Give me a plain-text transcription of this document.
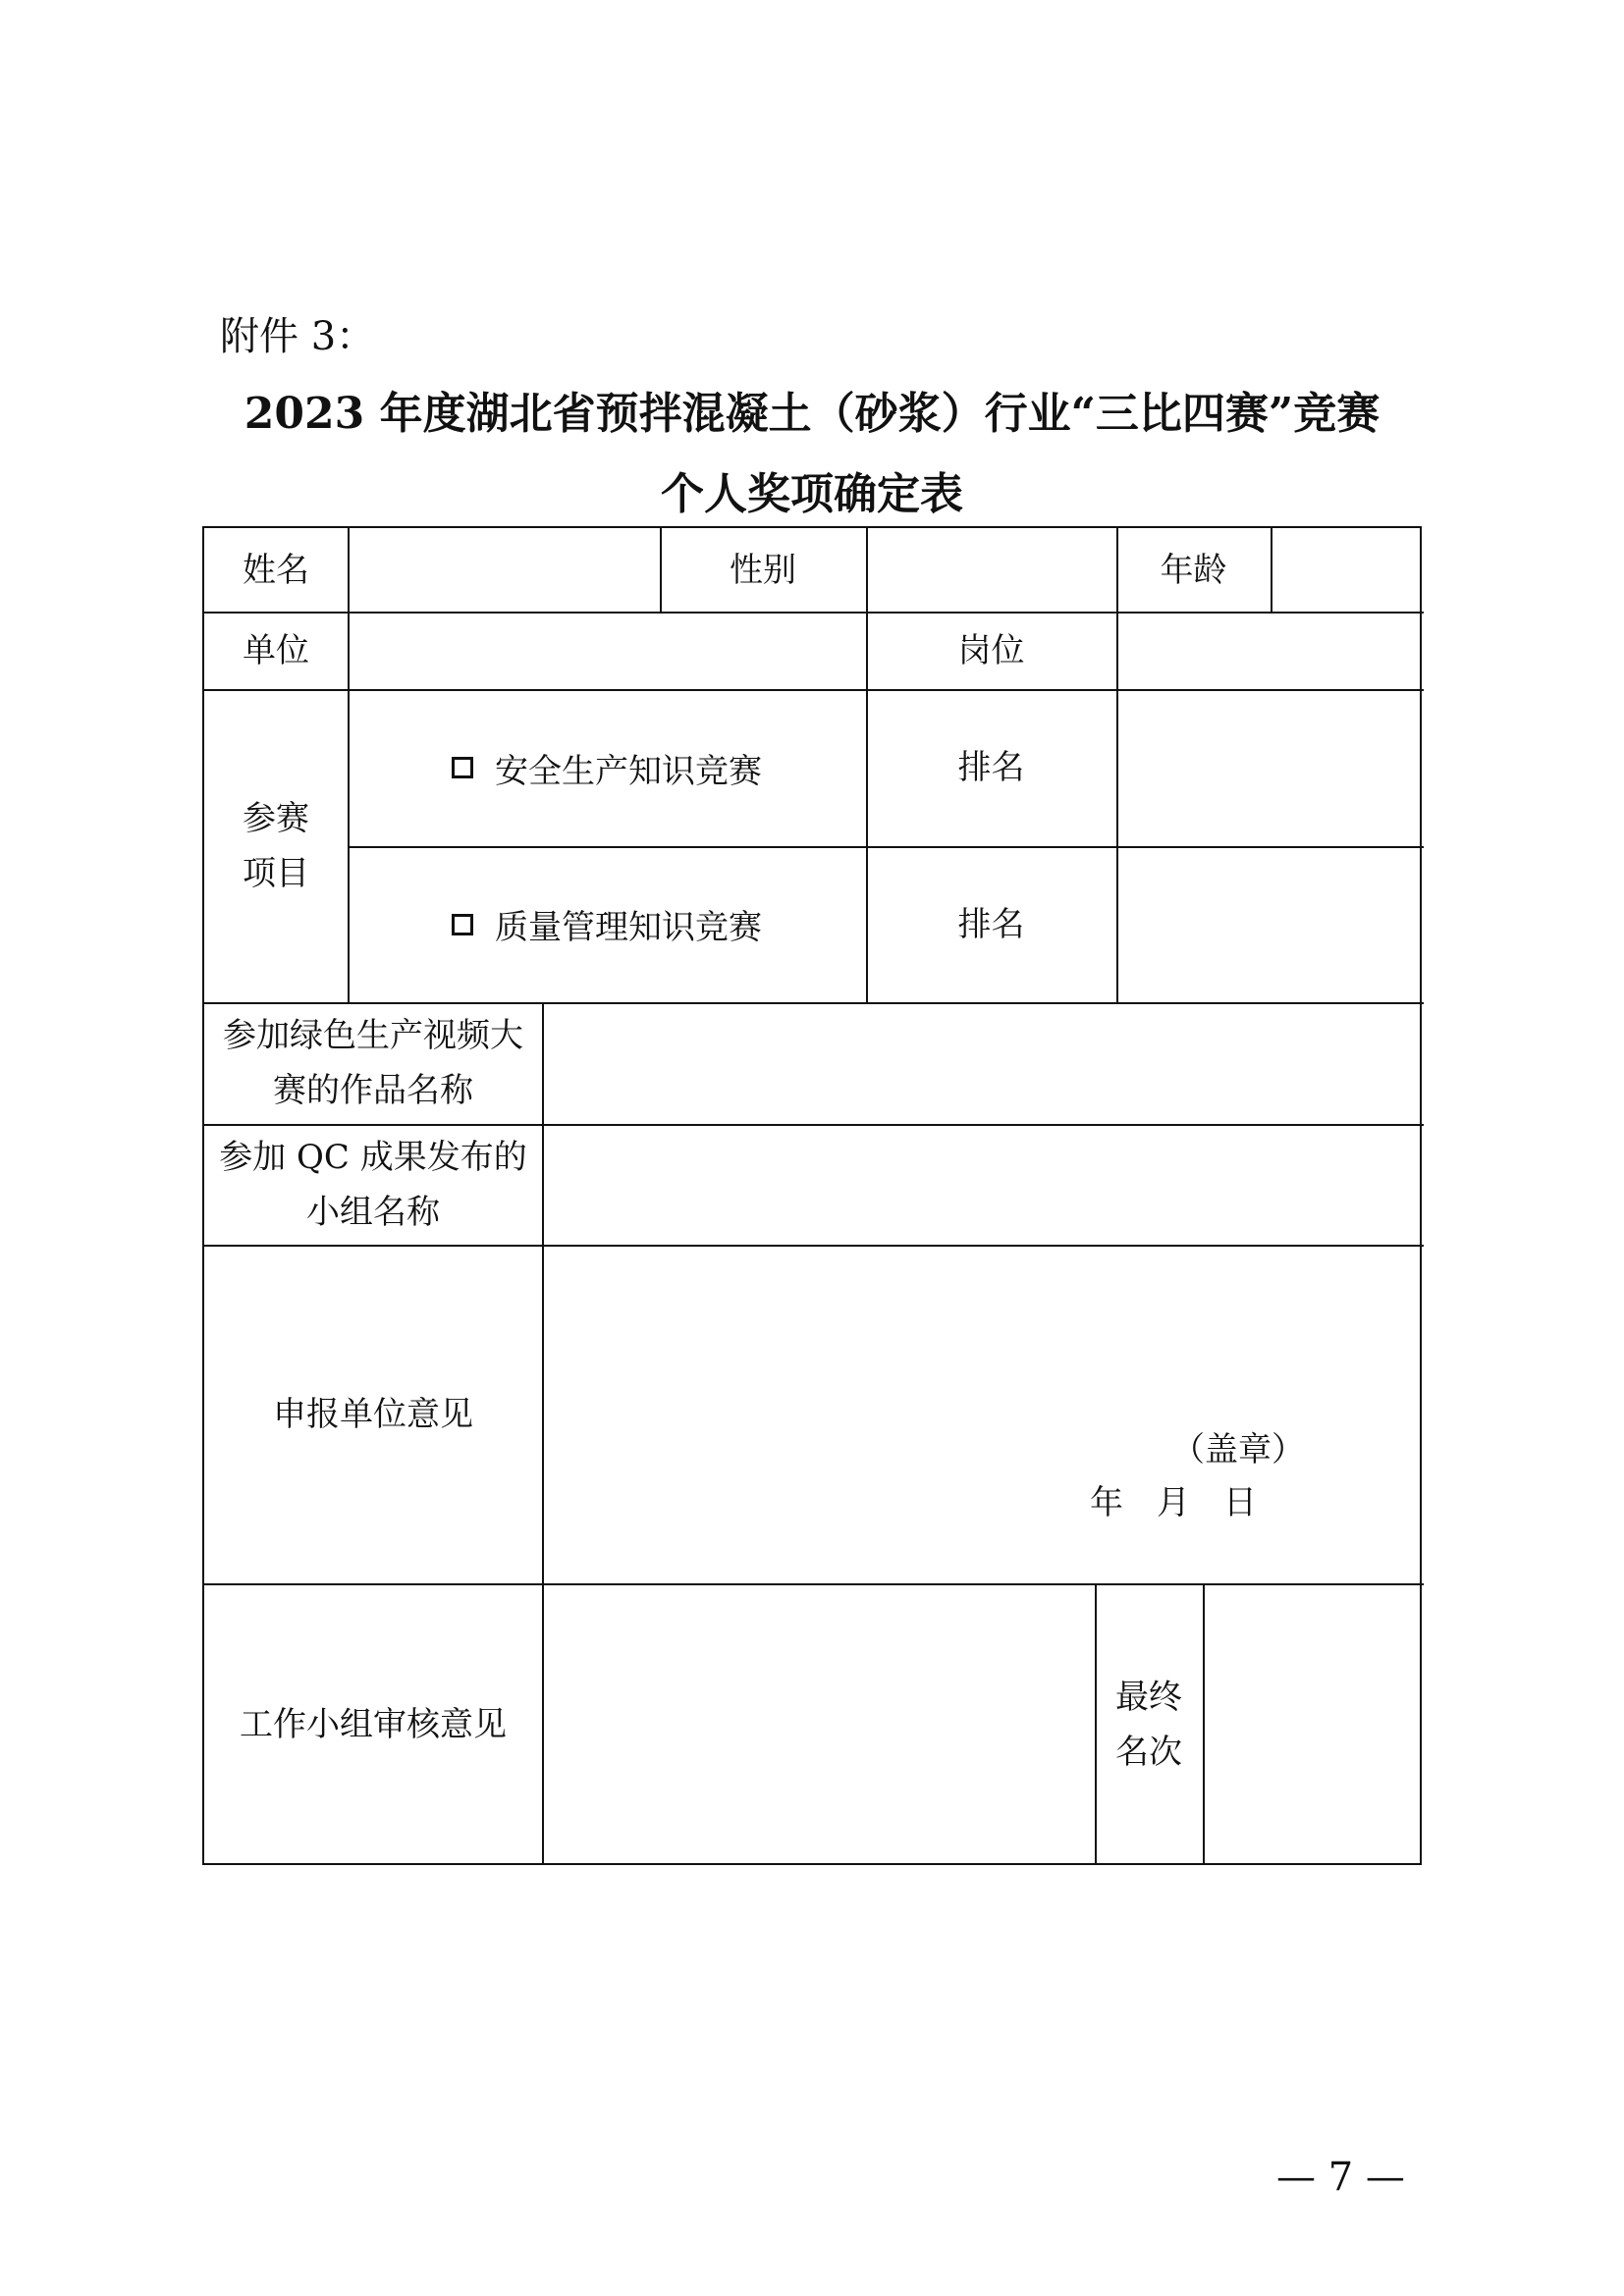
附件 3：
2023 年度湖北省预拌混凝土（砂浆）行业“三比四赛”竞赛
个人奖项确定表
姓名	性别	年龄
单位	岗位
参赛
项目
安全生产知识竞赛	排名
质量管理知识竞赛	排名
参加绿色生产视频大
赛的作品名称
参加 QC 成果发布的
小组名称
申报单位意见
（盖章）
年　月　日
工作小组审核意见
最终
名次
— 7 —
